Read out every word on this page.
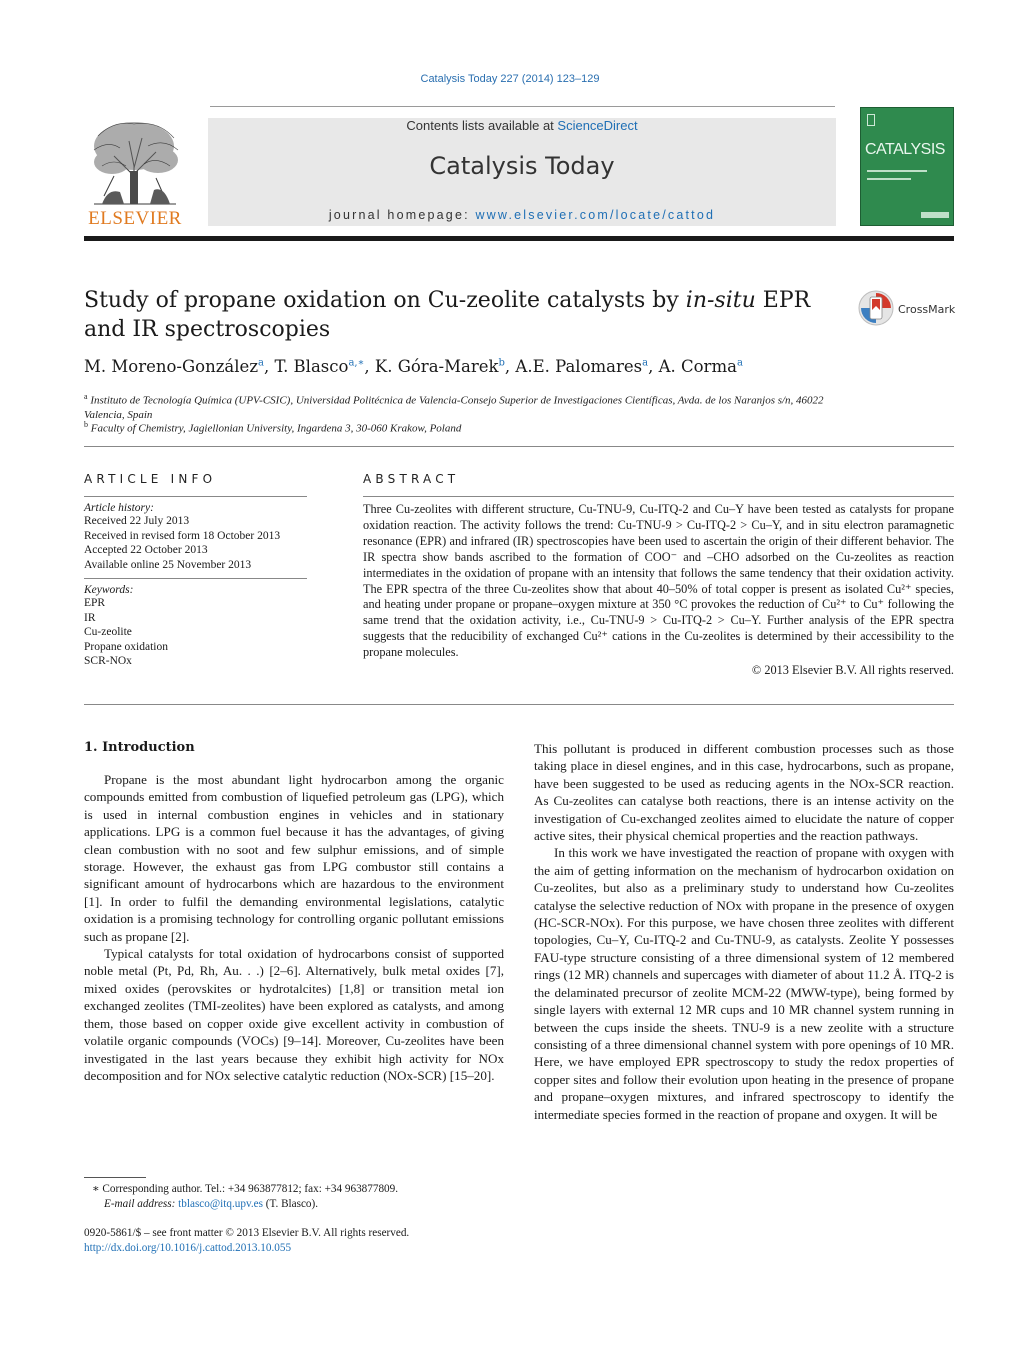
Catalysis Today 227 (2014) 123–129
ELSEVIER
Contents lists available at ScienceDirect
Catalysis Today
journal homepage: www.elsevier.com/locate/cattod
CATALYSIS
Study of propane oxidation on Cu-zeolite catalysts by in-situ EPR and IR spectroscopies
CrossMark
M. Moreno-González$^a$, T. Blasco$^{a,∗}$, K. Góra-Marek$^b$, A.E. Palomares$^a$, A. Corma$^a$
$^a$ Instituto de Tecnología Química (UPV-CSIC), Universidad Politécnica de Valencia-Consejo Superior de Investigaciones Científicas, Avda. de los Naranjos s/n, 46022 Valencia, Spain
$^b$ Faculty of Chemistry, Jagiellonian University, Ingardena 3, 30-060 Krakow, Poland
ARTICLE INFO
Article history:
Received 22 July 2013
Received in revised form 18 October 2013
Accepted 22 October 2013
Available online 25 November 2013
Keywords:
EPR
IR
Cu-zeolite
Propane oxidation
SCR-NOx
ABSTRACT
Three Cu-zeolites with different structure, Cu-TNU-9, Cu-ITQ-2 and Cu–Y have been tested as catalysts for propane oxidation reaction. The activity follows the trend: Cu-TNU-9 > Cu-ITQ-2 > Cu–Y, and in situ electron paramagnetic resonance (EPR) and infrared (IR) spectroscopies have been used to ascertain the origin of their different behavior. The IR spectra show bands ascribed to the formation of COO⁻ and –CHO adsorbed on the Cu-zeolites as reaction intermediates in the oxidation of propane with an intensity that follows the same tendency that their oxidation activity. The EPR spectra of the three Cu-zeolites show that about 40–50% of total copper is present as isolated Cu²⁺ species, and heating under propane or propane–oxygen mixture at 350 °C provokes the reduction of Cu²⁺ to Cu⁺ following the same trend that the oxidation activity, i.e., Cu-TNU-9 > Cu-ITQ-2 > Cu–Y. Further analysis of the EPR spectra suggests that the reducibility of exchanged Cu²⁺ cations in the Cu-zeolites is determined by their accessibility to the propane molecules.
© 2013 Elsevier B.V. All rights reserved.
1. Introduction

Propane is the most abundant light hydrocarbon among the organic compounds emitted from combustion of liquefied petroleum gas (LPG), which is used in internal combustion engines in vehicles and in stationary applications. LPG is a common fuel because it has the advantages, of giving clean combustion with no soot and few sulphur emissions, and of simple storage. However, the exhaust gas from LPG combustor still contains a significant amount of hydrocarbons which are hazardous to the environment [1]. In order to fulfil the demanding environmental legislations, catalytic oxidation is a promising technology for controlling organic pollutant emissions such as propane [2].

Typical catalysts for total oxidation of hydrocarbons consist of supported noble metal (Pt, Pd, Rh, Au. . .) [2–6]. Alternatively, bulk metal oxides [7], mixed oxides (perovskites or hydrotalcites) [1,8] or transition metal ion exchanged zeolites (TMI-zeolites) have been explored as catalysts, and among them, those based on copper oxide give excellent activity in combustion of volatile organic compounds (VOCs) [9–14]. Moreover, Cu-zeolites have been investigated in the last years because they exhibit high activity for NOx decomposition and for NOx selective catalytic reduction (NOx-SCR) [15–20].

This pollutant is produced in different combustion processes such as those taking place in diesel engines, and in this case, hydrocarbons, such as propane, have been suggested to be used as reducing agents in the NOx-SCR reaction. As Cu-zeolites can catalyse both reactions, there is an intense activity on the investigation of Cu-exchanged zeolites aimed to elucidate the nature of copper active sites, their physical chemical properties and the reaction pathways.

In this work we have investigated the reaction of propane with oxygen with the aim of getting information on the mechanism of hydrocarbon oxidation on Cu-zeolites, but also as a preliminary study to understand how Cu-zeolites catalyse the selective reduction of NOx with propane in the presence of oxygen (HC-SCR-NOx). For this purpose, we have chosen three zeolites with different topologies, Cu–Y, Cu-ITQ-2 and Cu-TNU-9, as catalysts. Zeolite Y possesses FAU-type structure consisting of a three dimensional system of 12 membered rings (12 MR) channels and supercages with diameter of about 11.2 Å. ITQ-2 is the delaminated precursor of zeolite MCM-22 (MWW-type), being formed by single layers with external 12 MR cups and 10 MR channel system running in between the cups inside the sheets. TNU-9 is a new zeolite with a structure consisting of a three dimensional channel system with pore openings of 10 MR. Here, we have employed EPR spectroscopy to study the redox properties of copper sites and follow their evolution upon heating in the presence of propane and propane–oxygen mixtures, and infrared spectroscopy to identify the intermediate species formed in the reaction of propane and oxygen. It will be

∗ Corresponding author. Tel.: +34 963877812; fax: +34 963877809.
E-mail address: tblasco@itq.upv.es (T. Blasco).
0920-5861/$ – see front matter © 2013 Elsevier B.V. All rights reserved.
http://dx.doi.org/10.1016/j.cattod.2013.10.055
